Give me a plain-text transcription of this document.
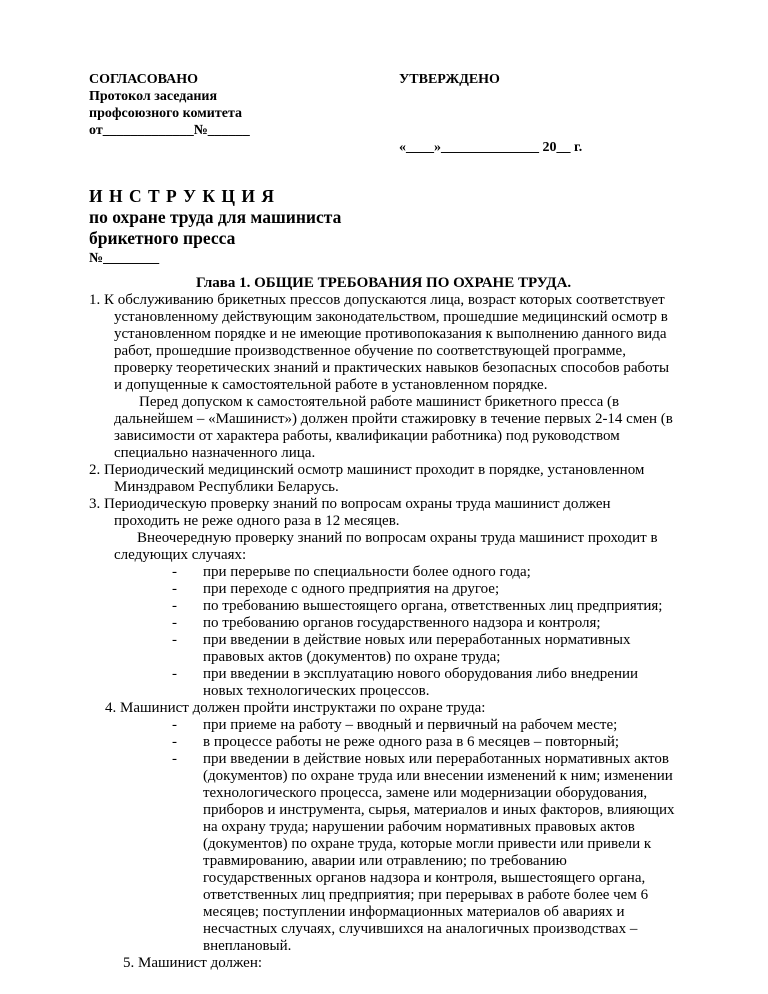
СОГЛАСОВАНО
Протокол заседания
профсоюзного комитета
от_____________№______
УТВЕРЖДЕНО
«____»______________ 20__ г.
И Н С Т Р У К Ц И Я
по охране труда для машиниста
брикетного пресса
№________
Глава 1. ОБЩИЕ ТРЕБОВАНИЯ ПО ОХРАНЕ ТРУДА.
1. К обслуживанию брикетных прессов допускаются лица, возраст которых соответствует
установленному действующим законодательством, прошедшие медицинский осмотр в
установленном порядке и не имеющие противопоказания к выполнению данного вида
работ, прошедшие производственное обучение по соответствующей программе,
проверку теоретических знаний и практических навыков безопасных способов работы
и допущенные к самостоятельной работе в установленном порядке.
Перед допуском к самостоятельной работе машинист брикетного пресса (в
дальнейшем – «Машинист») должен пройти стажировку в течение первых 2-14 смен (в
зависимости от характера работы, квалификации работника) под руководством
специально назначенного лица.
2. Периодический медицинский осмотр машинист проходит в порядке, установленном
Минздравом Республики Беларусь.
3. Периодическую проверку знаний по вопросам охраны труда машинист должен
проходить не реже одного раза в 12 месяцев.
Внеочередную проверку знаний по вопросам охраны труда машинист проходит в
следующих случаях:
- при перерыве по специальности более одного года;
- при переходе с одного предприятия на другое;
- по требованию вышестоящего органа, ответственных лиц предприятия;
- по требованию органов государственного надзора и контроля;
- при введении в действие новых или переработанных нормативных
правовых актов (документов) по охране труда;
- при введении в эксплуатацию нового оборудования либо внедрении
новых технологических процессов.
4. Машинист должен пройти инструктажи по охране труда:
- при приеме на работу – вводный и первичный на рабочем месте;
- в процессе работы не реже одного раза в 6 месяцев – повторный;
- при введении в действие новых или переработанных нормативных актов
(документов) по охране труда или внесении изменений к ним; изменении
технологического процесса, замене или модернизации оборудования,
приборов и инструмента, сырья, материалов и иных факторов, влияющих
на охрану труда; нарушении рабочим нормативных правовых актов
(документов) по охране труда, которые могли привести или привели к
травмированию, аварии или отравлению; по требованию
государственных органов надзора и контроля, вышестоящего органа,
ответственных лиц предприятия; при перерывах в работе более чем 6
месяцев; поступлении информационных материалов об авариях и
несчастных случаях, случившихся на аналогичных производствах –
внеплановый.
5. Машинист должен:
